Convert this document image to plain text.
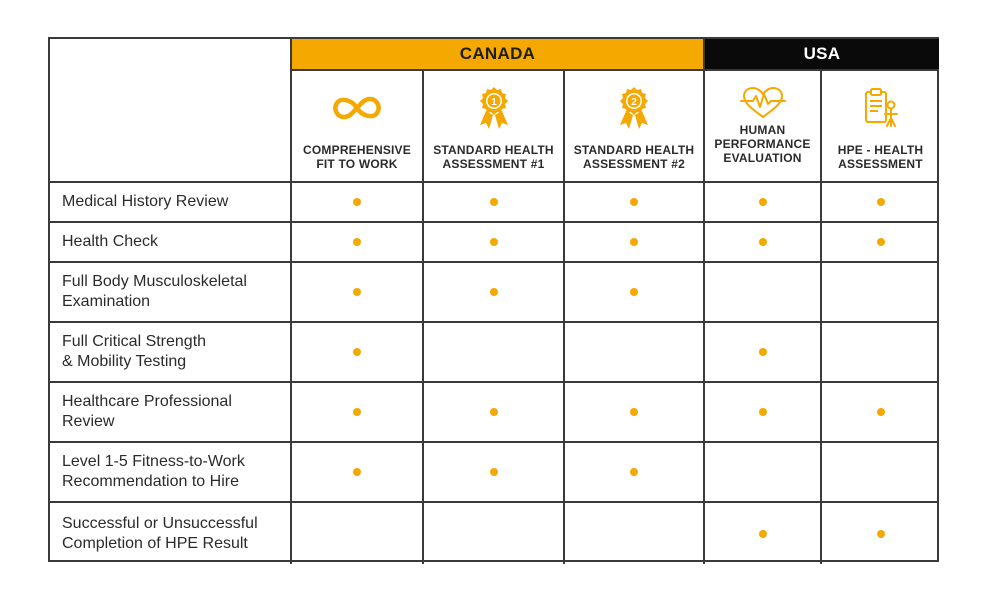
CANADA	USA
COMPREHENSIVE
FIT TO WORK
1
STANDARD HEALTH
ASSESSMENT #1
2
STANDARD HEALTH
ASSESSMENT #2
HUMAN
PERFORMANCE
EVALUATION
HPE - HEALTH
ASSESSMENT
Medical History Review
Health Check
Full Body Musculoskeletal
Examination
Full Critical Strength
& Mobility Testing
Healthcare Professional
Review
Level 1-5 Fitness-to-Work
Recommendation to Hire
Successful or Unsuccessful
Completion of HPE Result
